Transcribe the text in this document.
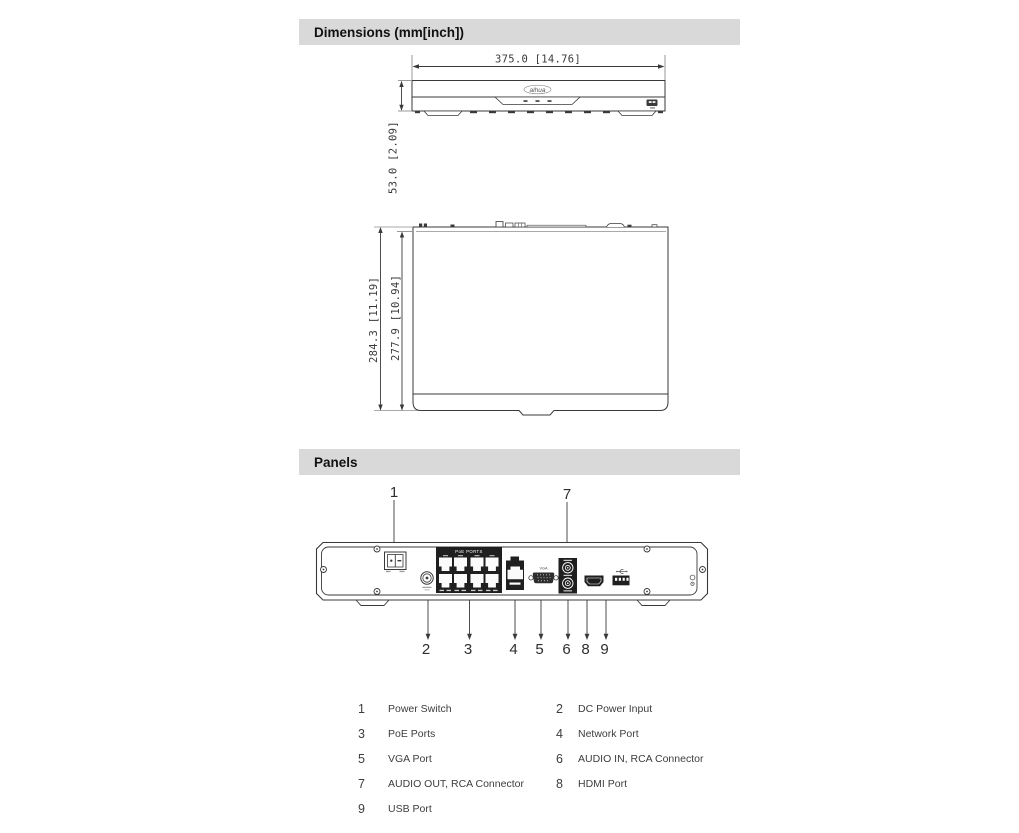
Dimensions (mm[inch])
375.0 [14.76]
alhua
53.0 [2.09]
284.3 [11.19] 277.9 [10.94]
Panels
1	7
PoE PORTS
VGA
2 3 4 5 6 8 9
1	Power Switch	2	DC Power Input
3	PoE Ports	4	Network Port
5	VGA Port	6	AUDIO IN, RCA Connector
7	AUDIO OUT, RCA Connector	8	HDMI Port
9	USB Port
